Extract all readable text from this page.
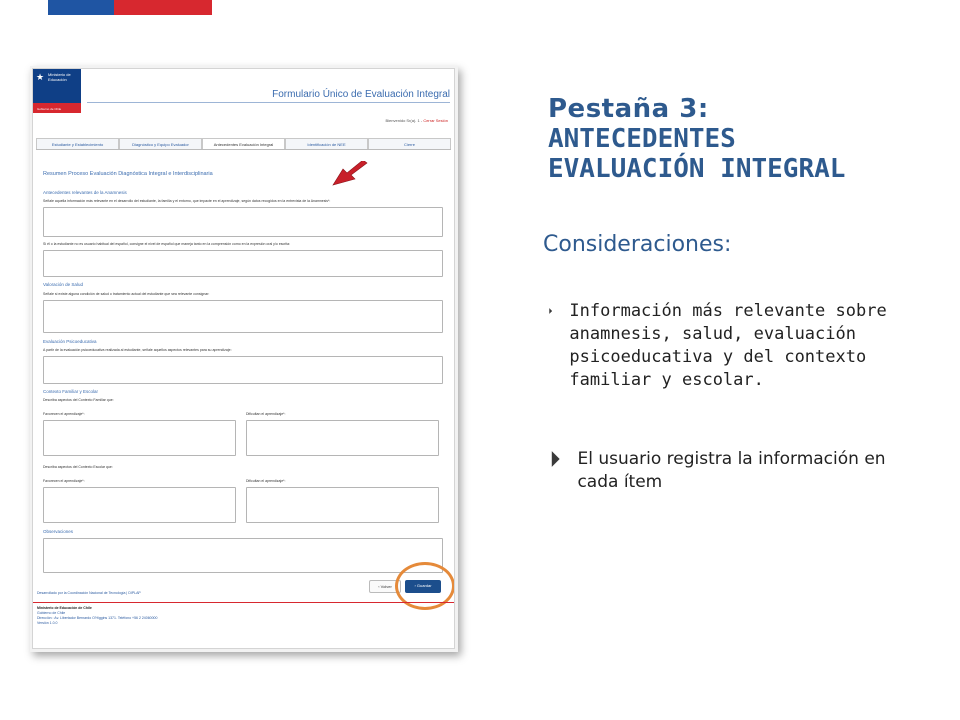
★ Ministerio de
Educación
Gobierno de Chile
Formulario Único de Evaluación Integral
Bienvenido Sr(a). 1 - Cerrar Sesión
Estudiante y Establecimiento	Diagnóstico y Equipo Evaluador	Antecedentes Evaluación Integral	Identificación de NEE	Cierre
Resumen Proceso Evaluación Diagnóstica Integral e Interdisciplinaria
Antecedentes relevantes de la Anamnesis
Señale aquella información más relevante en el desarrollo del estudiante, la familia y el entorno, que impacte en el aprendizaje, según datos recogidos en la entrevista de la Anamnesis*:
Si él o la estudiante no es usuario habitual del español, consigne el nivel de español que maneja tanto en la comprensión como en la expresión oral y/o escrita:
Valoración de Salud
Señale si existe alguna condición de salud o tratamiento actual del estudiante que sea relevante consignar:
Evaluación Psicoeducativa
A partir de la evaluación psicoeducativa realizada al estudiante, señale aquellos aspectos relevantes para su aprendizaje:
Contexto Familiar y Escolar
Describa aspectos del Contexto Familiar que:
Favorecen el aprendizaje*:	Dificultan el aprendizaje*:
Describa aspectos del Contexto Escolar que:
Favorecen el aprendizaje*:	Dificultan el aprendizaje*:
Observaciones
‹ Volver	› Guardar
Desarrollado por la Coordinación Nacional de Tecnología | DIPLAP
Ministerio de Educación de Chile
Gobierno de Chile
Dirección : Av. Libertador Bernardo O'Higgins 1371. Teléfono +56 2 24060000
Versión 1.0.0
Pestaña 3:
ANTECEDENTES
EVALUACIÓN INTEGRAL
Consideraciones:
Información más relevante sobre anamnesis, salud, evaluación psicoeducativa y del contexto familiar y escolar.
El usuario registra la información en cada ítem
